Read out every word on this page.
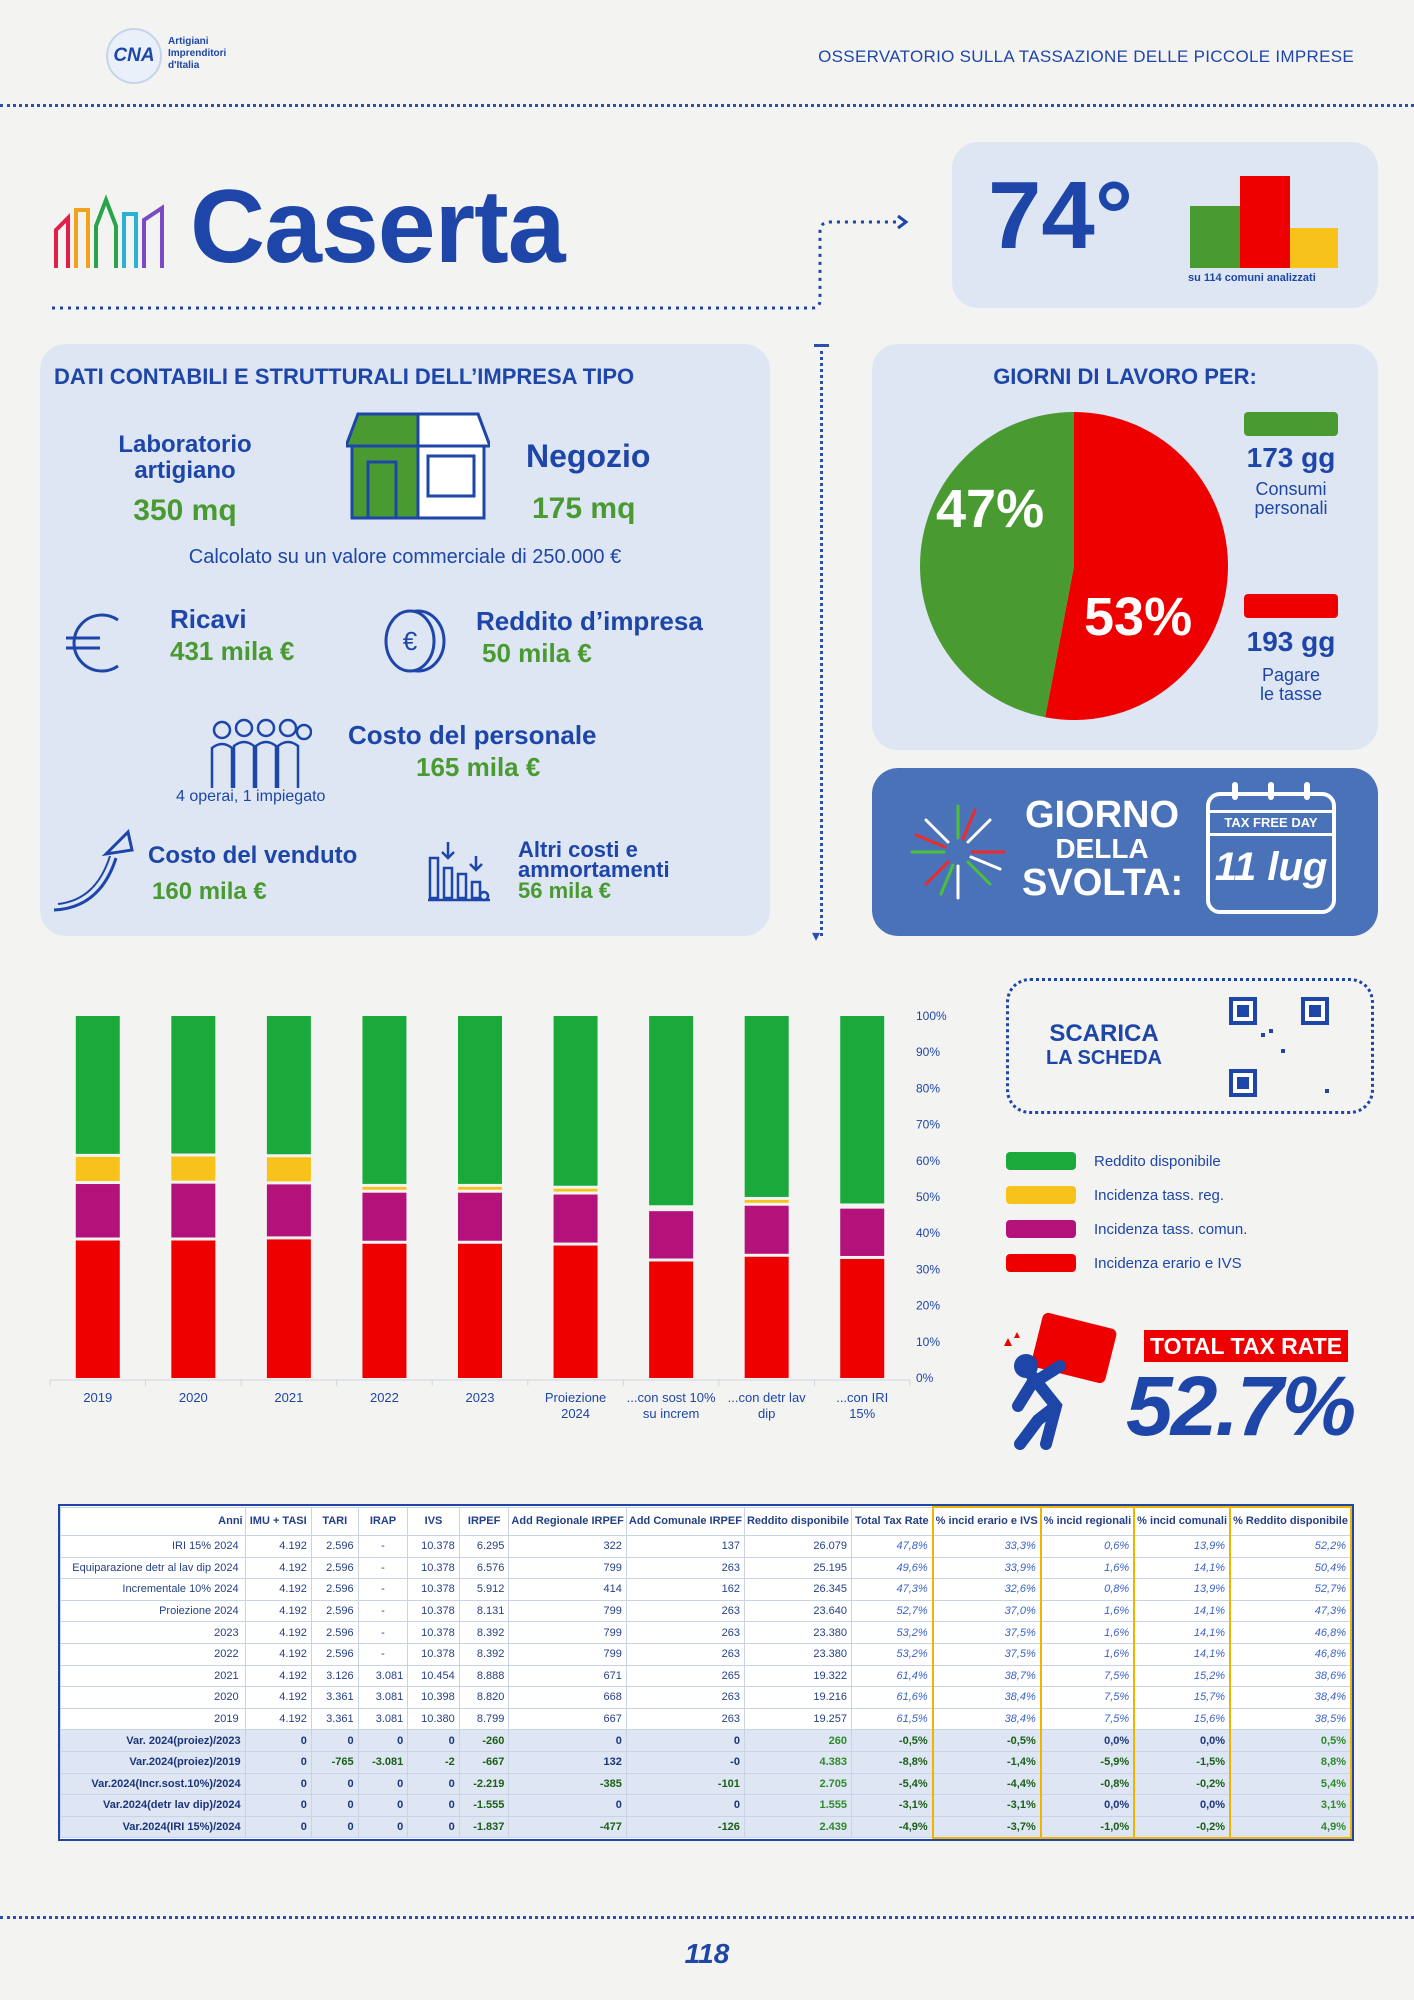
CNA
Artigiani
Imprenditori
d'Italia	OSSERVATORIO SULLA TASSAZIONE DELLE PICCOLE IMPRESE
Caserta	74°
su 114 comuni analizzati
DATI CONTABILI E STRUTTURALI DELL’IMPRESA TIPO
Laboratorio artigiano
350 mq
Negozio
175 mq
Calcolato su un valore commerciale di 250.000 €
Ricavi
431 mila €	€
Reddito d’impresa
50 mila €
4 operai, 1 impiegato
Costo del personale
165 mila €
Costo del venduto
160 mila €
Altri costi e
ammortamenti
56 mila €
▾
GIORNI DI LAVORO PER:
47%
53%
173 gg
Consumi
personali
193 gg
Pagare
le tasse
GIORNO
DELLA
SVOLTA:
TAX FREE DAY
11 lug
0%
10%
20%
30%
40%
50%
60%
70%
80%
90%
100%
2019	2020	2021	2022	2023	Proiezione
2024
...con sost 10%
su increm
...con detr lav
dip
...con IRI
15%
SCARICA
LA SCHEDA
Reddito disponibile
Incidenza tass. reg.
Incidenza tass. comun.
Incidenza erario e IVS
TOTAL TAX RATE
52.7%
Anni	IMU + TASI	TARI	IRAP	IVS	IRPEF	Add Regionale IRPEF	Add Comunale IRPEF	Reddito disponibile	Total Tax Rate	% incid erario e IVS	% incid regionali	% incid comunali	% Reddito disponibile
IRI 15% 2024	4.192	2.596	-	10.378	6.295	322	137	26.079	47,8%	33,3%	0,6%	13,9%	52,2%
Equiparazione detr al lav dip 2024	4.192	2.596	-	10.378	6.576	799	263	25.195	49,6%	33,9%	1,6%	14,1%	50,4%
Incrementale 10% 2024	4.192	2.596	-	10.378	5.912	414	162	26.345	47,3%	32,6%	0,8%	13,9%	52,7%
Proiezione 2024	4.192	2.596	-	10.378	8.131	799	263	23.640	52,7%	37,0%	1,6%	14,1%	47,3%
2023	4.192	2.596	-	10.378	8.392	799	263	23.380	53,2%	37,5%	1,6%	14,1%	46,8%
2022	4.192	2.596	-	10.378	8.392	799	263	23.380	53,2%	37,5%	1,6%	14,1%	46,8%
2021	4.192	3.126	3.081	10.454	8.888	671	265	19.322	61,4%	38,7%	7,5%	15,2%	38,6%
2020	4.192	3.361	3.081	10.398	8.820	668	263	19.216	61,6%	38,4%	7,5%	15,7%	38,4%
2019	4.192	3.361	3.081	10.380	8.799	667	263	19.257	61,5%	38,4%	7,5%	15,6%	38,5%
Var. 2024(proiez)/2023	0	0	0	0	-260	0	0	260	-0,5%	-0,5%	0,0%	0,0%	0,5%
Var.2024(proiez)/2019	0	-765	-3.081	-2	-667	132	-0	4.383	-8,8%	-1,4%	-5,9%	-1,5%	8,8%
Var.2024(Incr.sost.10%)/2024	0	0	0	0	-2.219	-385	-101	2.705	-5,4%	-4,4%	-0,8%	-0,2%	5,4%
Var.2024(detr lav dip)/2024	0	0	0	0	-1.555	0	0	1.555	-3,1%	-3,1%	0,0%	0,0%	3,1%
Var.2024(IRI 15%)/2024	0	0	0	0	-1.837	-477	-126	2.439	-4,9%	-3,7%	-1,0%	-0,2%	4,9%
118
